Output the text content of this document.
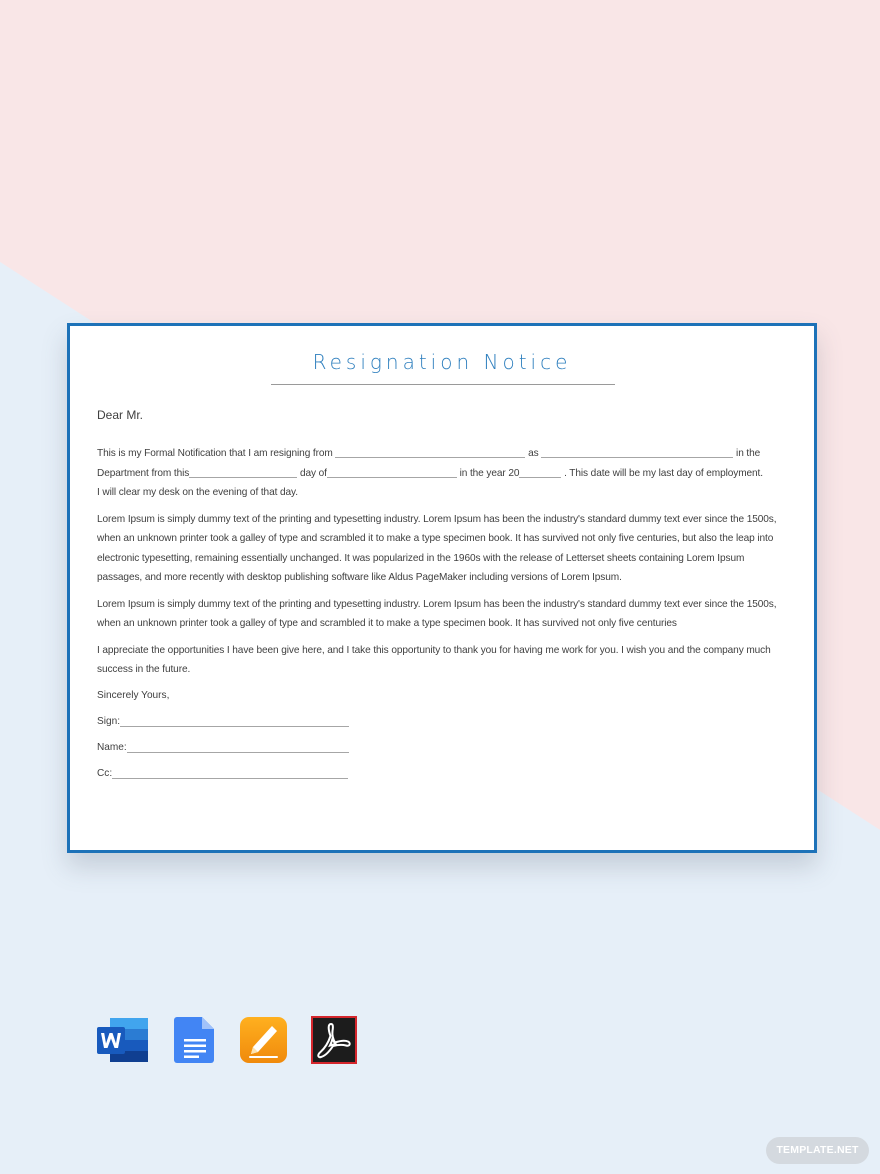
Resignation Notice
Dear Mr.
This is my Formal Notification that I am resigning from	as	in the
Department from this	day of	in the year 20	. This date will be my last day of employment.
I will clear my desk on the evening of that day.
Lorem Ipsum is simply dummy text of the printing and typesetting industry. Lorem Ipsum has been the industry's standard dummy text ever since the 1500s, when an unknown printer took a galley of type and scrambled it to make a type specimen book. It has survived not only five centuries, but also the leap into electronic typesetting, remaining essentially unchanged. It was popularized in the 1960s with the release of Letterset sheets containing Lorem Ipsum passages, and more recently with desktop publishing software like Aldus PageMaker including versions of Lorem Ipsum.
Lorem Ipsum is simply dummy text of the printing and typesetting industry. Lorem Ipsum has been the industry's standard dummy text ever since the 1500s, when an unknown printer took a galley of type and scrambled it to make a type specimen book. It has survived not only five centuries
I appreciate the opportunities I have been give here, and I take this opportunity to thank you for having me work for you. I wish you and the company much success in the future.
Sincerely Yours,
Sign:
Name:
Cc:
TEMPLATE.NET
